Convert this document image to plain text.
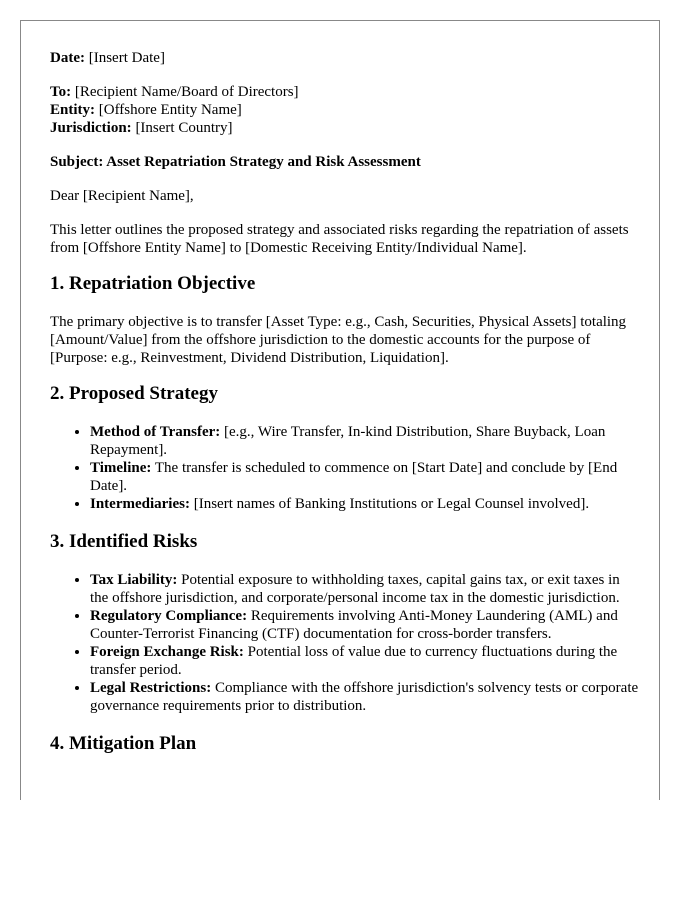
Date: [Insert Date]
To: [Recipient Name/Board of Directors]
Entity: [Offshore Entity Name]
Jurisdiction: [Insert Country]

Subject: Asset Repatriation Strategy and Risk Assessment

Dear [Recipient Name],

This letter outlines the proposed strategy and associated risks regarding the repatriation of assets from [Offshore Entity Name] to [Domestic Receiving Entity/Individual Name].

1. Repatriation Objective

The primary objective is to transfer [Asset Type: e.g., Cash, Securities, Physical Assets] totaling [Amount/Value] from the offshore jurisdiction to the domestic accounts for the purpose of [Purpose: e.g., Reinvestment, Dividend Distribution, Liquidation].

2. Proposed Strategy
• Method of Transfer: [e.g., Wire Transfer, In-kind Distribution, Share Buyback, Loan Repayment].
• Timeline: The transfer is scheduled to commence on [Start Date] and conclude by [End Date].
• Intermediaries: [Insert names of Banking Institutions or Legal Counsel involved].
3. Identified Risks
• Tax Liability: Potential exposure to withholding taxes, capital gains tax, or exit taxes in the offshore jurisdiction, and corporate/personal income tax in the domestic jurisdiction.
• Regulatory Compliance: Requirements involving Anti-Money Laundering (AML) and Counter-Terrorist Financing (CTF) documentation for cross-border transfers.
• Foreign Exchange Risk: Potential loss of value due to currency fluctuations during the transfer period.
• Legal Restrictions: Compliance with the offshore jurisdiction's solvency tests or corporate governance requirements prior to distribution.
4. Mitigation Plan
